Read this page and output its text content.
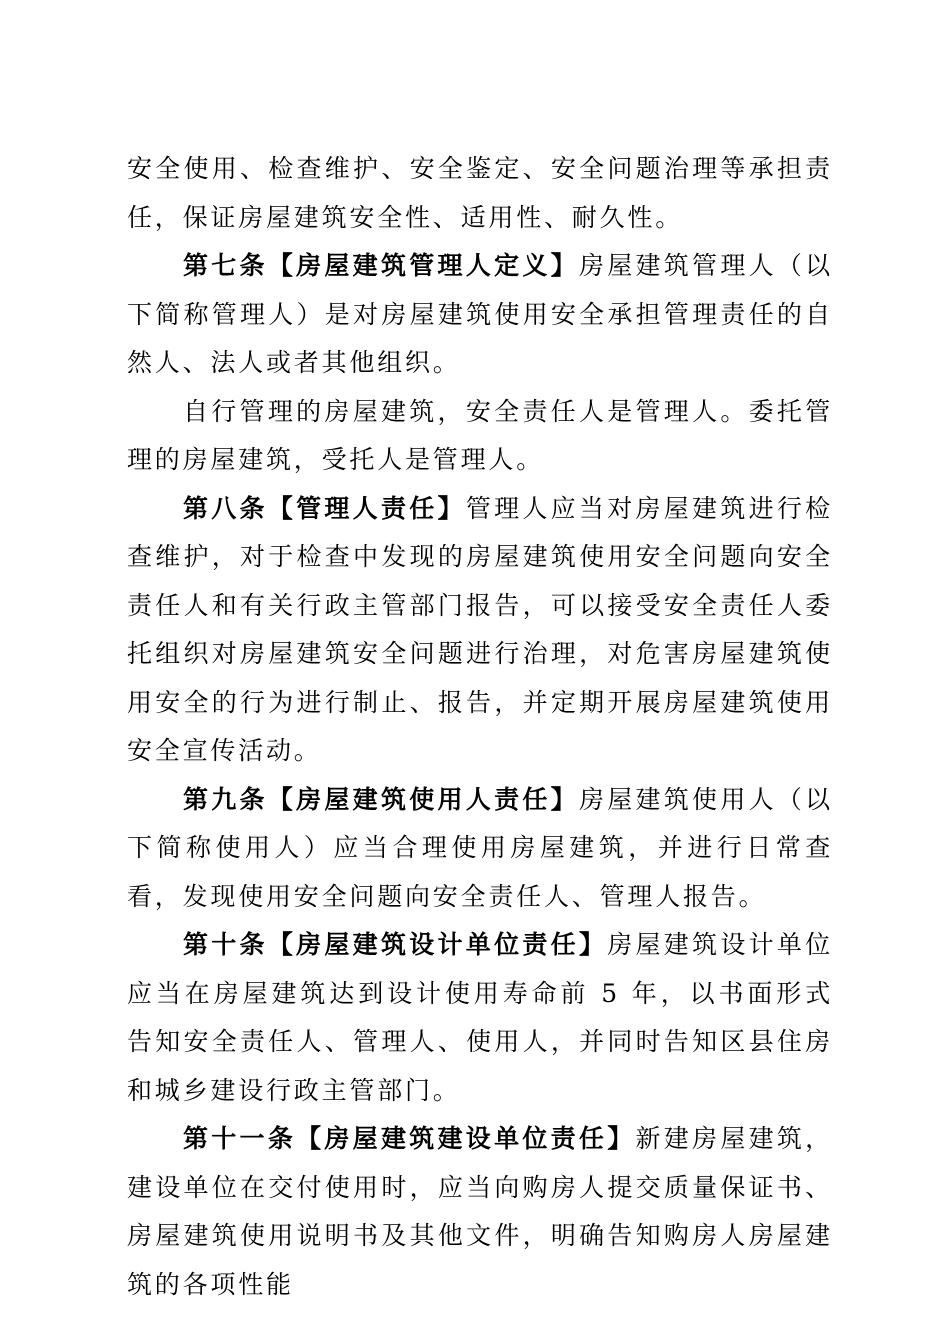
安全使用、检查维护、安全鉴定、安全问题治理等承担责任，保证房屋建筑安全性、适用性、耐久性。

第七条【房屋建筑管理人定义】房屋建筑管理人（以下简称管理人）是对房屋建筑使用安全承担管理责任的自然人、法人或者其他组织。

自行管理的房屋建筑，安全责任人是管理人。委托管理的房屋建筑，受托人是管理人。

第八条【管理人责任】管理人应当对房屋建筑进行检查维护，对于检查中发现的房屋建筑使用安全问题向安全责任人和有关行政主管部门报告，可以接受安全责任人委托组织对房屋建筑安全问题进行治理，对危害房屋建筑使用安全的行为进行制止、报告，并定期开展房屋建筑使用安全宣传活动。

第九条【房屋建筑使用人责任】房屋建筑使用人（以下简称使用人）应当合理使用房屋建筑，并进行日常查看，发现使用安全问题向安全责任人、管理人报告。

第十条【房屋建筑设计单位责任】房屋建筑设计单位应当在房屋建筑达到设计使用寿命前 5 年，以书面形式告知安全责任人、管理人、使用人，并同时告知区县住房和城乡建设行政主管部门。

第十一条【房屋建筑建设单位责任】新建房屋建筑，建设单位在交付使用时，应当向购房人提交质量保证书、房屋建筑使用说明书及其他文件，明确告知购房人房屋建筑的各项性能
